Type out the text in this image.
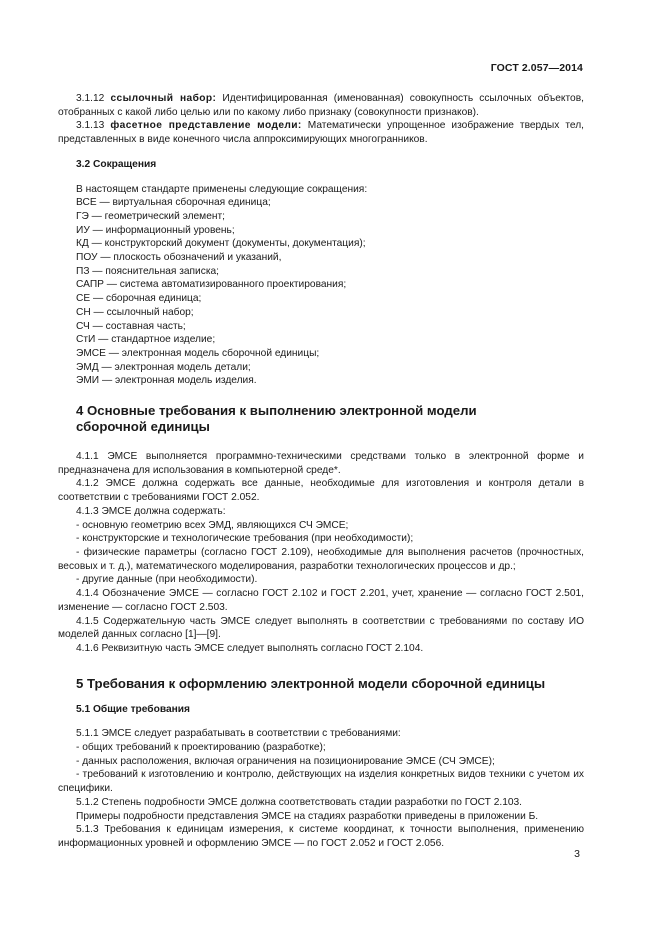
ГОСТ 2.057—2014

3.1.12 ссылочный набор: Идентифицированная (именованная) совокупность ссылочных объектов, отобранных с какой либо целью или по какому либо признаку (совокупности признаков).

3.1.13 фасетное представление модели: Математически упрощенное изображение твердых тел, представленных в виде конечного числа аппроксимирующих многогранников.

3.2 Сокращения

В настоящем стандарте применены следующие сокращения:

ВСЕ — виртуальная сборочная единица;

ГЭ — геометрический элемент;

ИУ — информационный уровень;

КД — конструкторский документ (документы, документация);

ПОУ — плоскость обозначений и указаний,

ПЗ — пояснительная записка;

САПР — система автоматизированного проектирования;

СЕ — сборочная единица;

СН — ссылочный набор;

СЧ — составная часть;

СтИ — стандартное изделие;

ЭМСЕ — электронная модель сборочной единицы;

ЭМД — электронная модель детали;

ЭМИ — электронная модель изделия.

4 Основные требования к выполнению электронной модели

сборочной единицы

4.1.1 ЭМСЕ выполняется программно-техническими средствами только в электронной форме и предназначена для использования в компьютерной среде*.

4.1.2 ЭМСЕ должна содержать все данные, необходимые для изготовления и контроля детали в соответствии с требованиями ГОСТ 2.052.

4.1.3 ЭМСЕ должна содержать:

- основную геометрию всех ЭМД, являющихся СЧ ЭМСЕ;

- конструкторские и технологические требования (при необходимости);

- физические параметры (согласно ГОСТ 2.109), необходимые для выполнения расчетов (прочностных, весовых и т. д.), математического моделирования, разработки технологических процессов и др.;

- другие данные (при необходимости).

4.1.4 Обозначение ЭМСЕ — согласно ГОСТ 2.102 и ГОСТ 2.201, учет, хранение — согласно ГОСТ 2.501, изменение — согласно ГОСТ 2.503.

4.1.5 Содержательную часть ЭМСЕ следует выполнять в соответствии с требованиями по составу ИО моделей данных согласно [1]—[9].

4.1.6 Реквизитную часть ЭМСЕ следует выполнять согласно ГОСТ 2.104.

5 Требования к оформлению электронной модели сборочной единицы

5.1 Общие требования

5.1.1 ЭМСЕ следует разрабатывать в соответствии с требованиями:

- общих требований к проектированию (разработке);

- данных расположения, включая ограничения на позиционирование ЭМСЕ (СЧ ЭМСЕ);

- требований к изготовлению и контролю, действующих на изделия конкретных видов техники с учетом их специфики.

5.1.2 Степень подробности ЭМСЕ должна соответствовать стадии разработки по ГОСТ 2.103.

Примеры подробности представления ЭМСЕ на стадиях разработки приведены в приложении Б.

5.1.3 Требования к единицам измерения, к системе координат, к точности выполнения, применению информационных уровней и оформлению ЭМСЕ — по ГОСТ 2.052 и ГОСТ 2.056.

3
